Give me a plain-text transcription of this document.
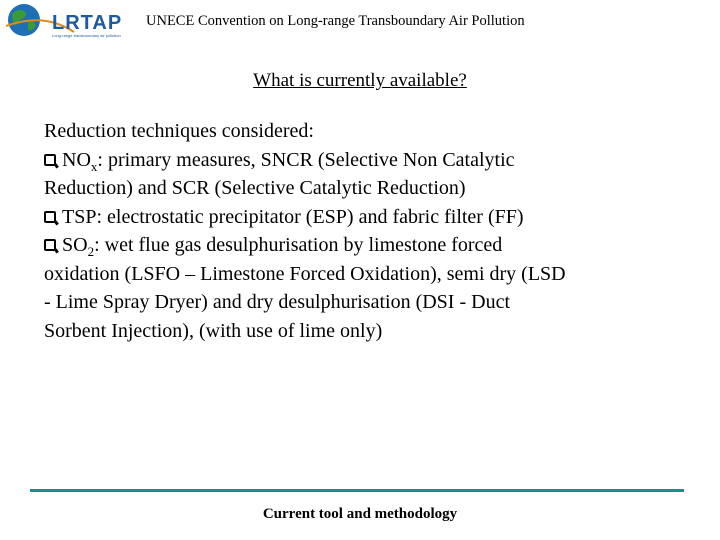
LRTAP
Long-range transboundary air pollution
UNECE Convention on Long-range Transboundary Air Pollution
What is currently available?
Reduction techniques considered:
$NO_x$: primary measures, SNCR (Selective Non Catalytic
Reduction) and SCR (Selective Catalytic Reduction)
TSP: electrostatic precipitator (ESP) and fabric filter (FF)
$SO_2$: wet flue gas desulphurisation by limestone forced
oxidation (LSFO – Limestone Forced Oxidation), semi dry (LSD
- Lime Spray Dryer) and dry desulphurisation (DSI - Duct
Sorbent Injection), (with use of lime only)
Current tool and methodology
